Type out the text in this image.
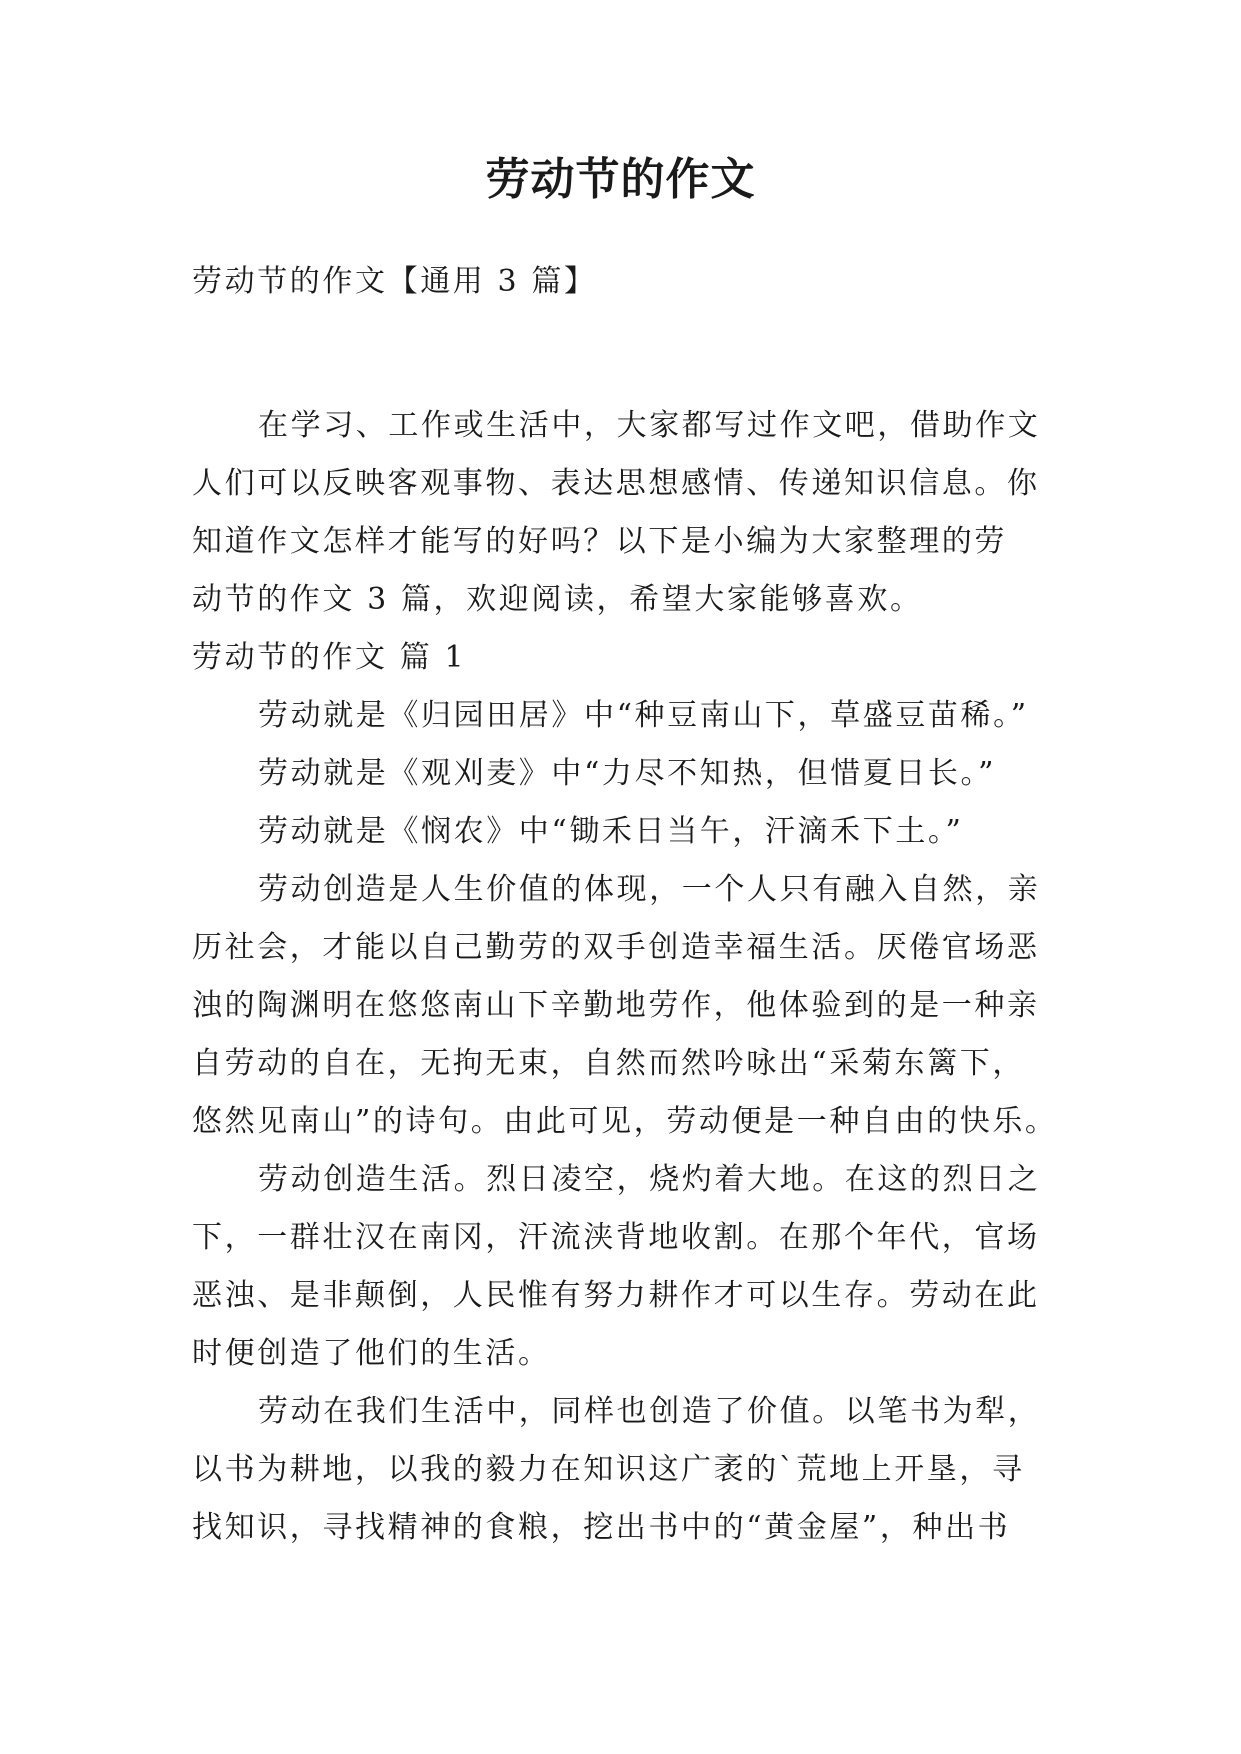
劳动节的作文
劳动节的作文【通用 3 篇】
在学习、工作或生活中，大家都写过作文吧，借助作文
人们可以反映客观事物、表达思想感情、传递知识信息。你
知道作文怎样才能写的好吗？以下是小编为大家整理的劳
动节的作文 3 篇，欢迎阅读，希望大家能够喜欢。
劳动节的作文 篇 1
劳动就是《归园田居》中“种豆南山下，草盛豆苗稀。”
劳动就是《观刈麦》中“力尽不知热，但惜夏日长。”
劳动就是《悯农》中“锄禾日当午，汗滴禾下土。”
劳动创造是人生价值的体现，一个人只有融入自然，亲
历社会，才能以自己勤劳的双手创造幸福生活。厌倦官场恶
浊的陶渊明在悠悠南山下辛勤地劳作，他体验到的是一种亲
自劳动的自在，无拘无束，自然而然吟咏出“采菊东篱下，
悠然见南山”的诗句。由此可见，劳动便是一种自由的快乐。
劳动创造生活。烈日凌空，烧灼着大地。在这的烈日之
下，一群壮汉在南冈，汗流浃背地收割。在那个年代，官场
恶浊、是非颠倒，人民惟有努力耕作才可以生存。劳动在此
时便创造了他们的生活。
劳动在我们生活中，同样也创造了价值。以笔书为犁，
以书为耕地，以我的毅力在知识这广袤的`荒地上开垦，寻
找知识，寻找精神的食粮，挖出书中的“黄金屋”，种出书
